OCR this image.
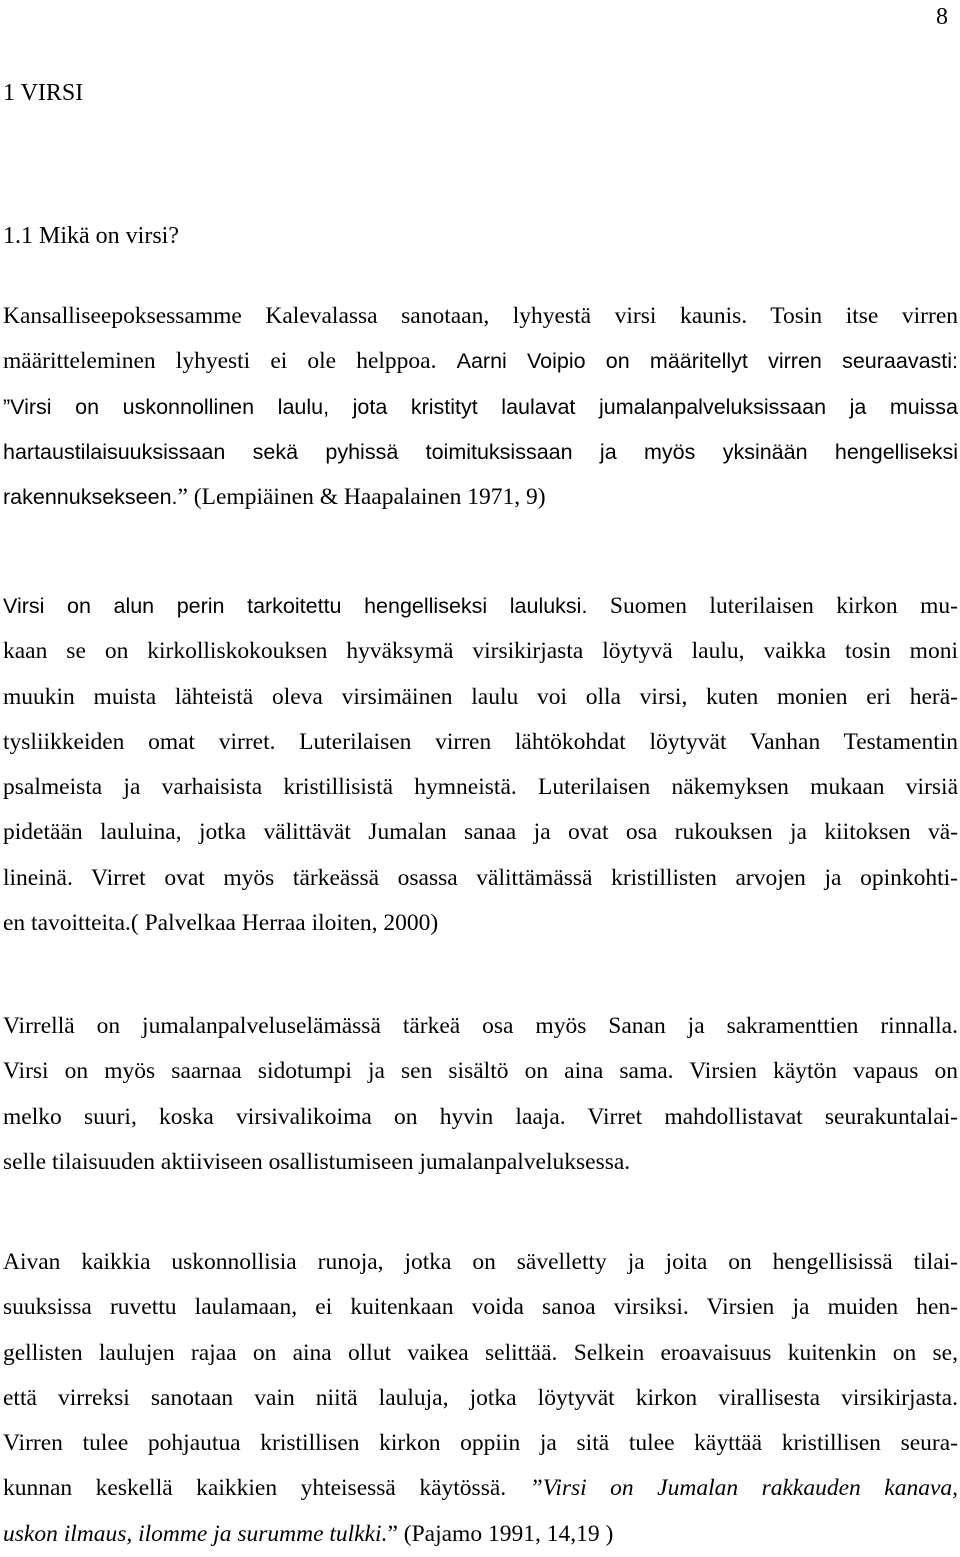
8
1 VIRSI
1.1 Mikä on virsi?
Kansalliseepoksessamme Kalevalassa sanotaan, lyhyestä virsi kaunis. Tosin itse virren
määritteleminen lyhyesti ei ole helppoa. Aarni Voipio on määritellyt virren seuraavasti:
”Virsi on uskonnollinen laulu, jota kristityt laulavat jumalanpalveluksissaan ja muissa
hartaustilaisuuksissaan sekä pyhissä toimituksissaan ja myös yksinään hengelliseksi
rakennuksekseen.” (Lempiäinen & Haapalainen 1971, 9)
Virsi on alun perin tarkoitettu hengelliseksi lauluksi. Suomen luterilaisen kirkon mu-
kaan se on kirkolliskokouksen hyväksymä virsikirjasta löytyvä laulu, vaikka tosin moni
muukin muista lähteistä oleva virsimäinen laulu voi olla virsi, kuten monien eri herä-
tysliikkeiden omat virret. Luterilaisen virren lähtökohdat löytyvät Vanhan Testamentin
psalmeista ja varhaisista kristillisistä hymneistä. Luterilaisen näkemyksen mukaan virsiä
pidetään lauluina, jotka välittävät Jumalan sanaa ja ovat osa rukouksen ja kiitoksen vä-
lineinä. Virret ovat myös tärkeässä osassa välittämässä kristillisten arvojen ja opinkohti-
en tavoitteita.( Palvelkaa Herraa iloiten, 2000)
Virrellä on jumalanpalveluselämässä tärkeä osa myös Sanan ja sakramenttien rinnalla.
Virsi on myös saarnaa sidotumpi ja sen sisältö on aina sama. Virsien käytön vapaus on
melko suuri, koska virsivalikoima on hyvin laaja. Virret mahdollistavat seurakuntalai-
selle tilaisuuden aktiiviseen osallistumiseen jumalanpalveluksessa.
Aivan kaikkia uskonnollisia runoja, jotka on sävelletty ja joita on hengellisissä tilai-
suuksissa ruvettu laulamaan, ei kuitenkaan voida sanoa virsiksi. Virsien ja muiden hen-
gellisten laulujen rajaa on aina ollut vaikea selittää. Selkein eroavaisuus kuitenkin on se,
että virreksi sanotaan vain niitä lauluja, jotka löytyvät kirkon virallisesta virsikirjasta.
Virren tulee pohjautua kristillisen kirkon oppiin ja sitä tulee käyttää kristillisen seura-
kunnan keskellä kaikkien yhteisessä käytössä. ”Virsi on Jumalan rakkauden kanava,
uskon ilmaus, ilomme ja surumme tulkki.” (Pajamo 1991, 14,19 )
